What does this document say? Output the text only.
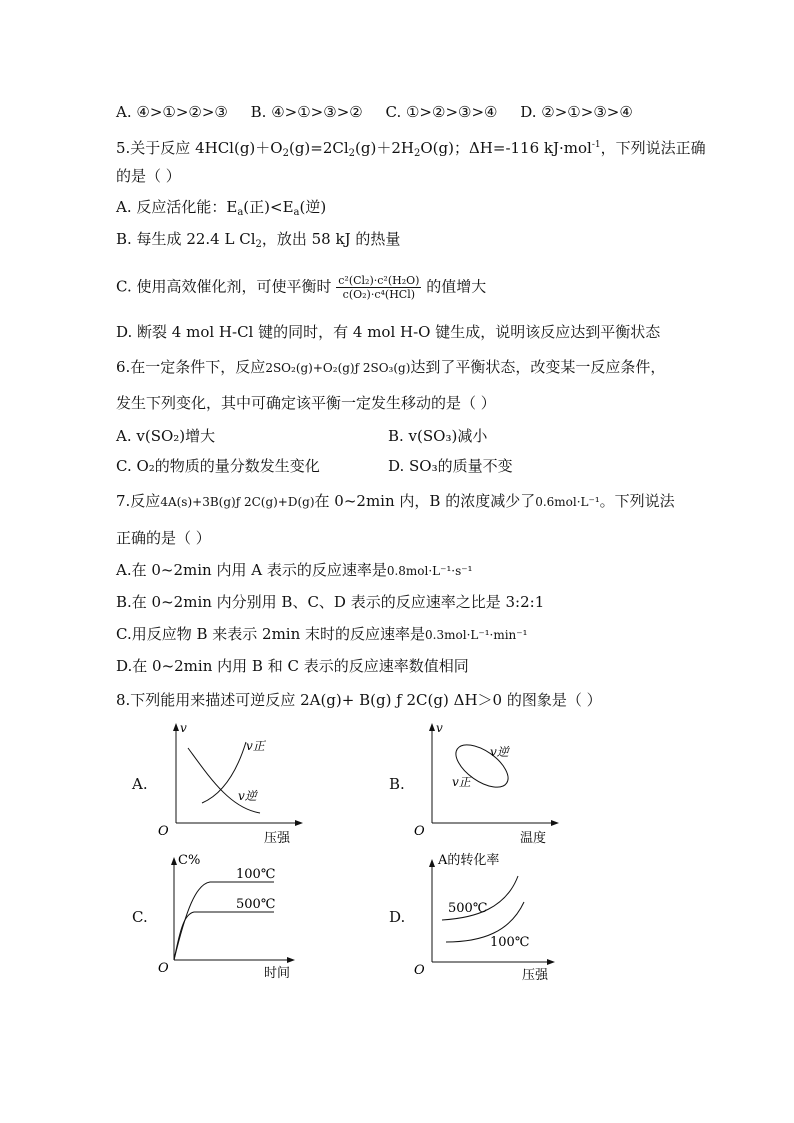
A. ④>①>②>③ B. ④>①>③>② C. ①>②>③>④ D. ②>①>③>④
5.关于反应 $4HCl(g)+O_2(g)=2Cl_2(g)+2H_2O(g)$；ΔH=-116 kJ·mol$^{-1}$，下列说法正确
的是（ ）
A. 反应活化能：$E_a$(正)$<E_a$(逆)
B. 每生成 22.4 L $Cl_2$，放出 58 kJ 的热量
C. 使用高效催化剂，可使平衡时 $\frac{\text{c²(Cl₂)·c²(H₂O)}}{\text{c(O₂)·c⁴(HCl)}}$ 的值增大
D. 断裂 4 mol H-Cl 键的同时，有 4 mol H-O 键生成，说明该反应达到平衡状态
6.在一定条件下，反应2SO₂(g)+O₂(g)ƒ 2SO₃(g)达到了平衡状态，改变某一反应条件，
发生下列变化，其中可确定该平衡一定发生移动的是（ ）
A. v(SO₂)增大	B. v(SO₃)减小
C. O₂的物质的量分数发生变化	D. SO₃的质量不变
7.反应4A(s)+3B(g)ƒ 2C(g)+D(g)在 0~2min 内，B 的浓度减少了0.6mol·L⁻¹。下列说法
正确的是（ ）
A.在 0~2min 内用 A 表示的反应速率是0.8mol·L⁻¹·s⁻¹
B.在 0~2min 内分别用 B、C、D 表示的反应速率之比是 3:2:1
C.用反应物 B 来表示 2min 末时的反应速率是0.3mol·L⁻¹·min⁻¹
D.在 0~2min 内用 B 和 C 表示的反应速率数值相同
8.下列能用来描述可逆反应 2A(g)+ B(g) ƒ 2C(g) ΔH＞0 的图象是（ ）
A.
v
O	压强
v正
v逆
B.
v
O	温度
v逆
v正
C.
C%
O	时间
100℃
500℃
D.
A的转化率
O	压强
500℃
100℃
